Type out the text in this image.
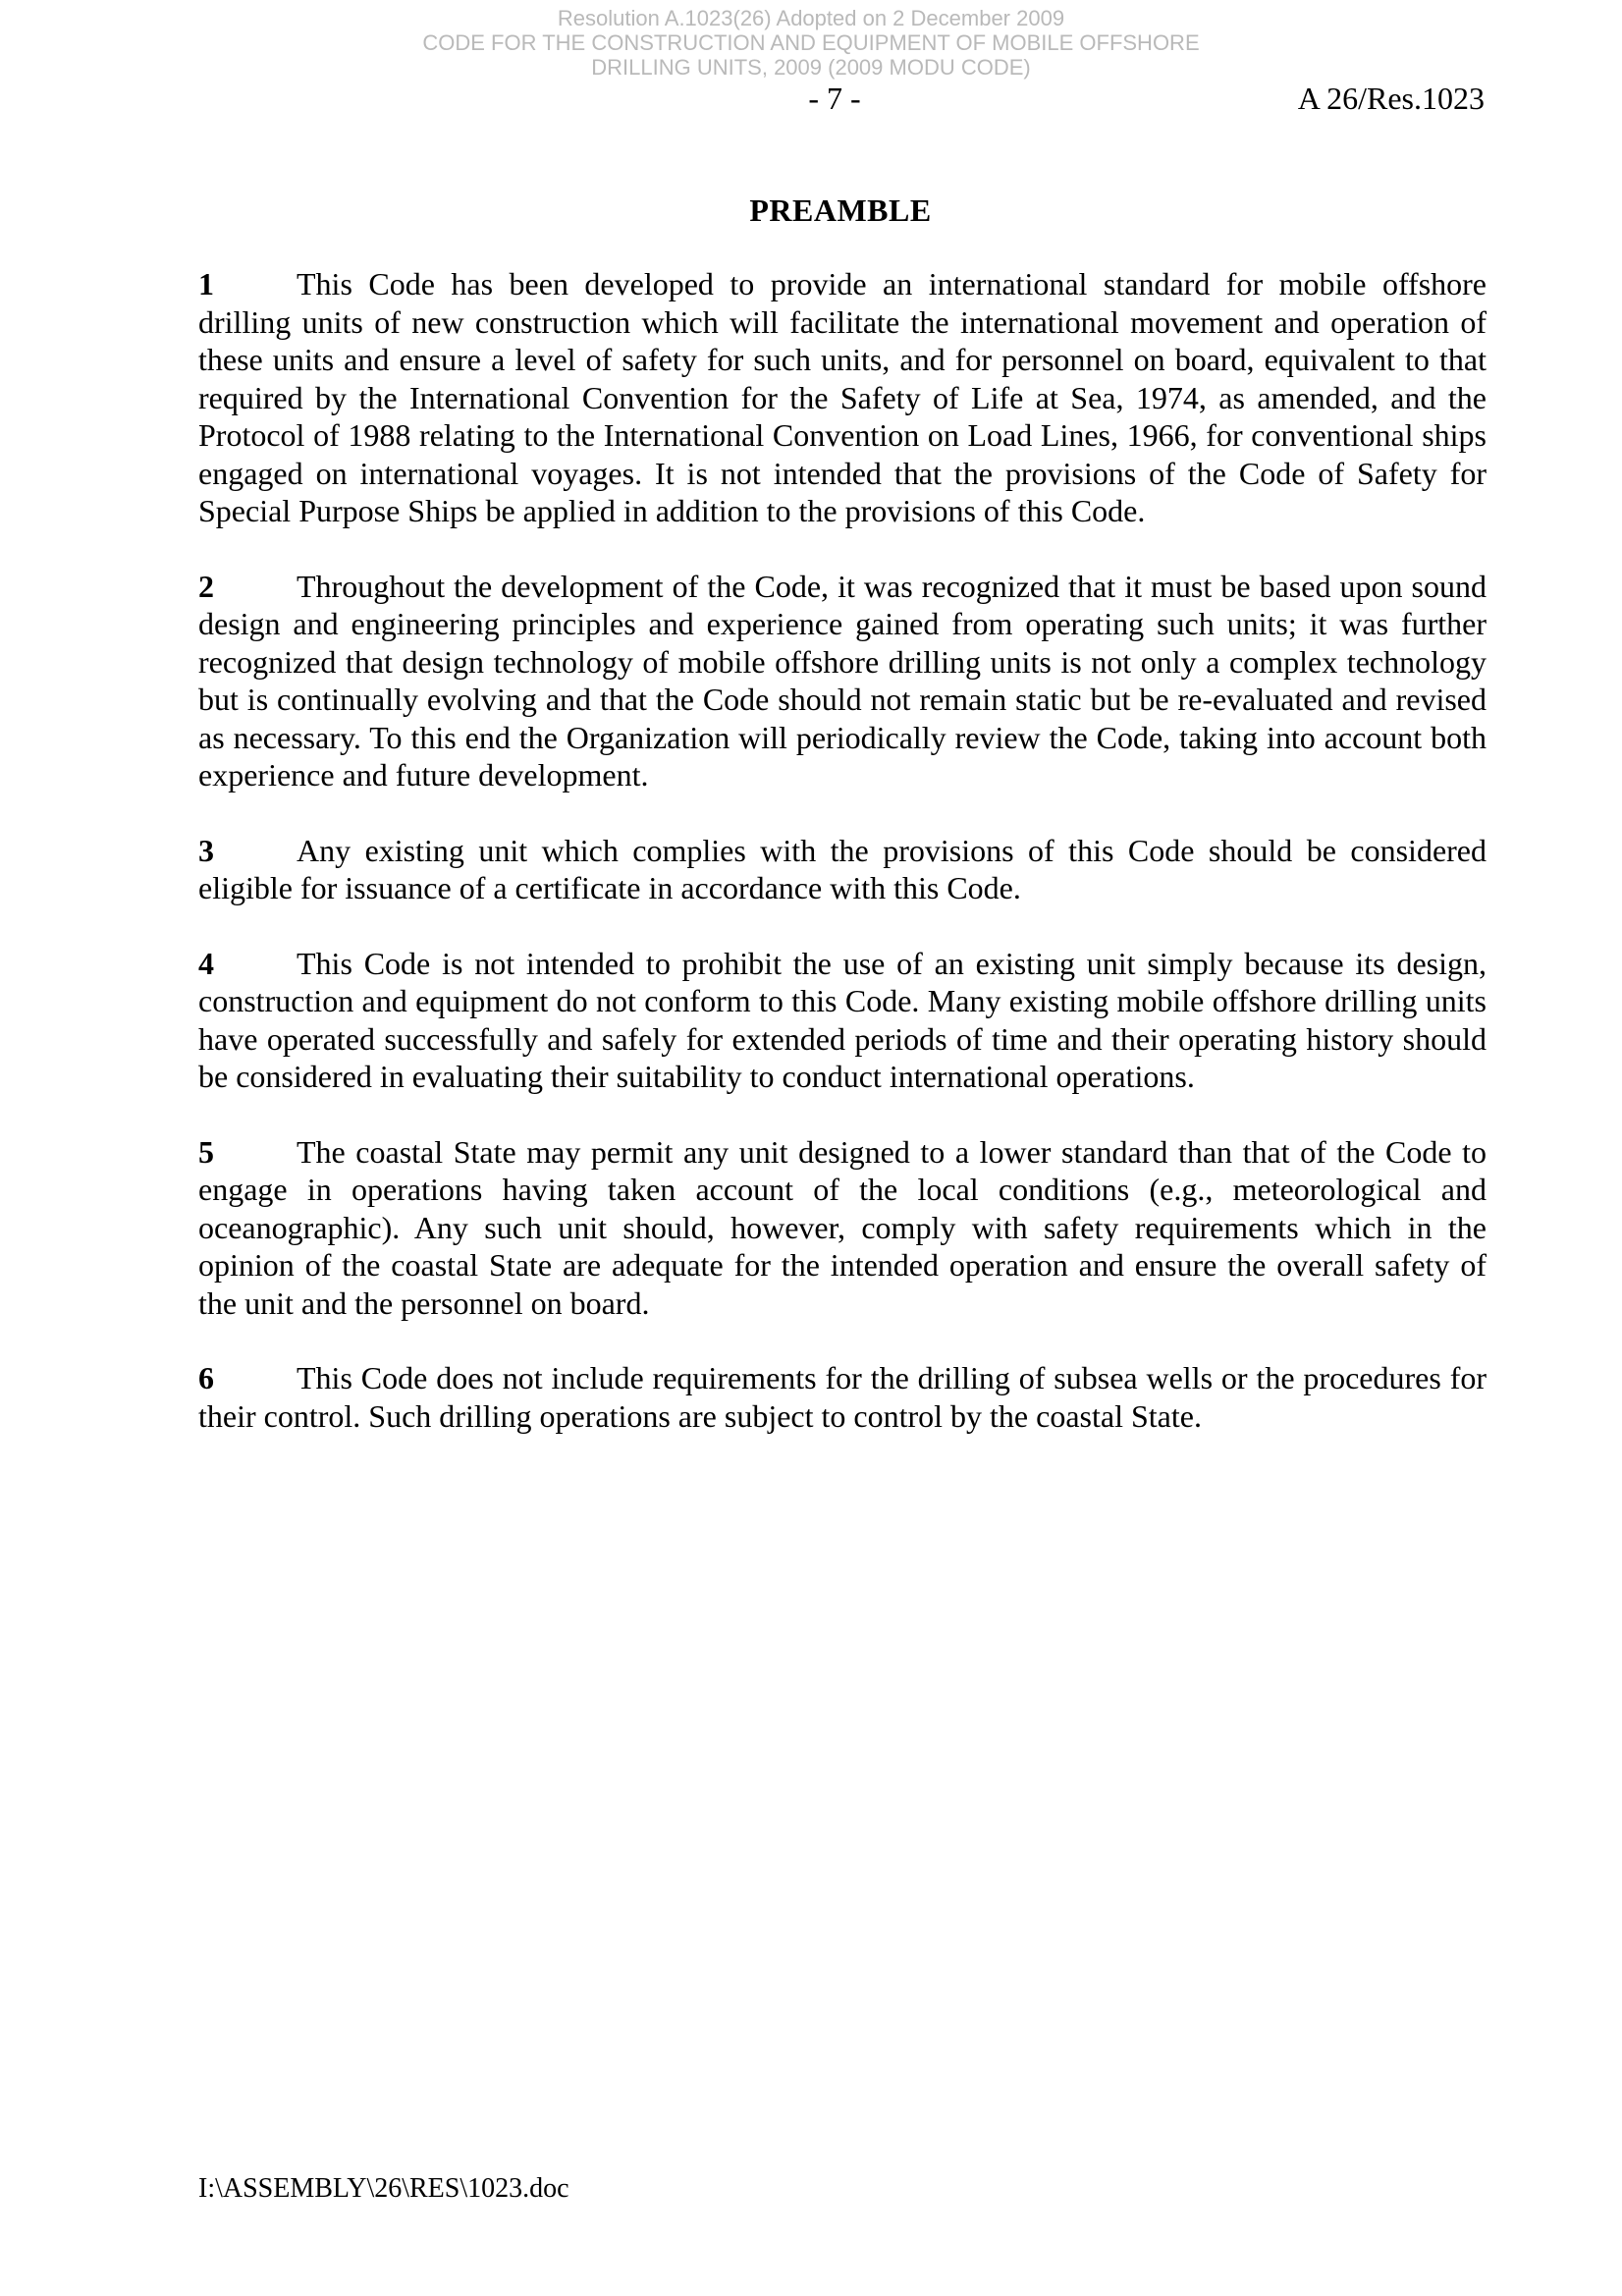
Resolution A.1023(26) Adopted on 2 December 2009
CODE FOR THE CONSTRUCTION AND EQUIPMENT OF MOBILE OFFSHORE
DRILLING UNITS, 2009 (2009 MODU CODE)
- 7 -	A 26/Res.1023
PREAMBLE

1	This Code has been developed to provide an international standard for mobile offshore drilling units of new construction which will facilitate the international movement and operation of these units and ensure a level of safety for such units, and for personnel on board, equivalent to that required by the International Convention for the Safety of Life at Sea, 1974, as amended, and the Protocol of 1988 relating to the International Convention on Load Lines, 1966, for conventional ships engaged on international voyages. It is not intended that the provisions of the Code of Safety for Special Purpose Ships be applied in addition to the provisions of this Code.

2	Throughout the development of the Code, it was recognized that it must be based upon sound design and engineering principles and experience gained from operating such units; it was further recognized that design technology of mobile offshore drilling units is not only a complex technology but is continually evolving and that the Code should not remain static but be re-evaluated and revised as necessary. To this end the Organization will periodically review the Code, taking into account both experience and future development.

3	Any existing unit which complies with the provisions of this Code should be considered eligible for issuance of a certificate in accordance with this Code.

4	This Code is not intended to prohibit the use of an existing unit simply because its design, construction and equipment do not conform to this Code. Many existing mobile offshore drilling units have operated successfully and safely for extended periods of time and their operating history should be considered in evaluating their suitability to conduct international operations.

5	The coastal State may permit any unit designed to a lower standard than that of the Code to engage in operations having taken account of the local conditions (e.g., meteorological and oceanographic). Any such unit should, however, comply with safety requirements which in the opinion of the coastal State are adequate for the intended operation and ensure the overall safety of the unit and the personnel on board.

6	This Code does not include requirements for the drilling of subsea wells or the procedures for their control. Such drilling operations are subject to control by the coastal State.

I:\ASSEMBLY\26\RES\1023.doc
